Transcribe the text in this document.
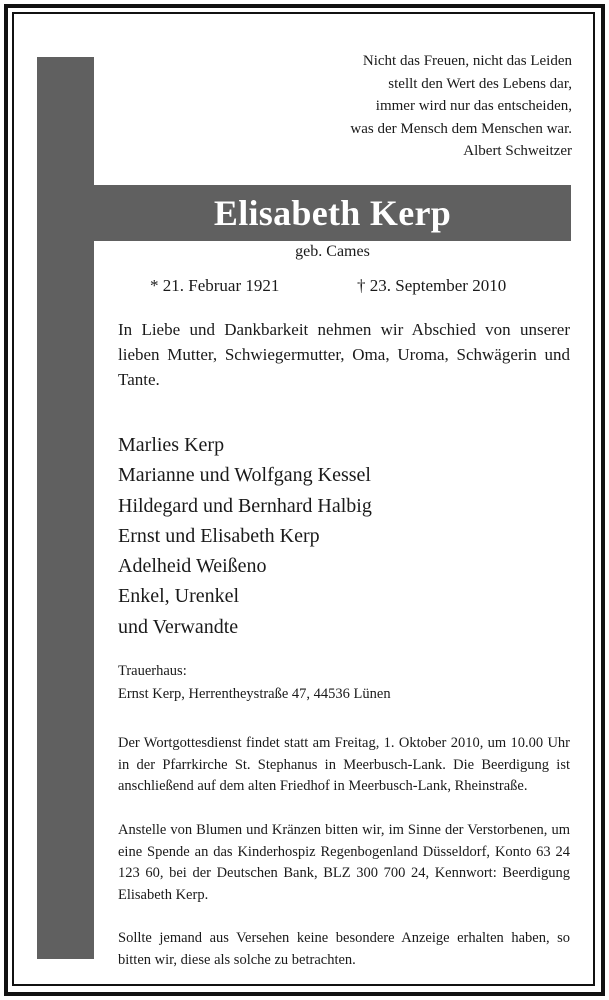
Nicht das Freuen, nicht das Leiden
stellt den Wert des Lebens dar,
immer wird nur das entscheiden,
was der Mensch dem Menschen war.
Albert Schweitzer
Elisabeth Kerp
geb. Cames
* 21. Februar 1921	† 23. September 2010
In Liebe und Dankbarkeit nehmen wir Abschied von unserer lieben Mutter, Schwiegermutter, Oma, Uroma, Schwägerin und Tante.
Marlies Kerp
Marianne und Wolfgang Kessel
Hildegard und Bernhard Halbig
Ernst und Elisabeth Kerp
Adelheid Weißeno
Enkel, Urenkel
und Verwandte
Trauerhaus:
Ernst Kerp, Herrentheystraße 47, 44536 Lünen
Der Wortgottesdienst findet statt am Freitag, 1. Oktober 2010, um 10.00 Uhr in der Pfarrkirche St. Stephanus in Meerbusch-Lank. Die Beerdigung ist anschließend auf dem alten Friedhof in Meerbusch-Lank, Rheinstraße.
Anstelle von Blumen und Kränzen bitten wir, im Sinne der Verstorbenen, um eine Spende an das Kinderhospiz Regenbogenland Düsseldorf, Konto 63 24 123 60, bei der Deutschen Bank, BLZ 300 700 24, Kennwort: Beerdigung Elisabeth Kerp.
Sollte jemand aus Versehen keine besondere Anzeige erhalten haben, so bitten wir, diese als solche zu betrachten.
